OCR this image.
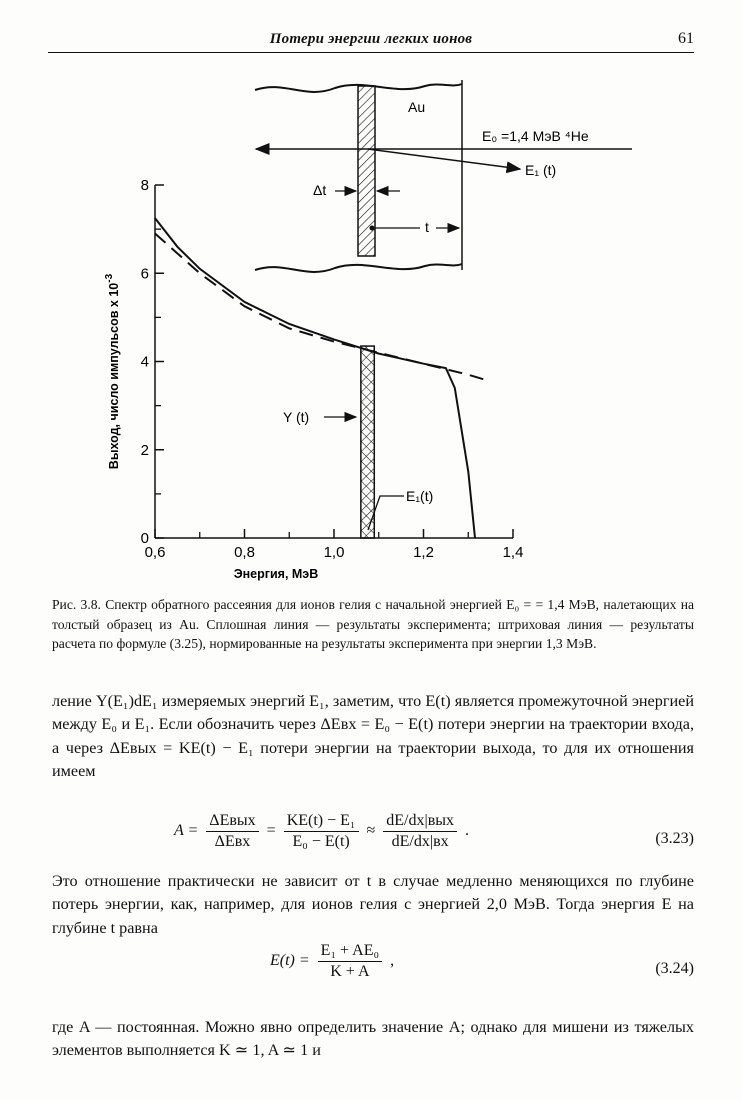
Потери энергии легких ионов	61
Au
E₀ =1,4 МэВ ⁴He
E₁ (t)
Δt
t
0,6	0,8	1,0	1,2	1,4
0
2
4
6
8
Выход, число импульсов x $10^{-3}$
Энергия, МэВ
Y (t)
E₁(t)
Рис. 3.8. Спектр обратного рассеяния для ионов гелия с начальной энергией E₀ = = 1,4 МэВ, налетающих на толстый образец из Au. Сплошная линия — результаты эксперимента; штриховая линия — результаты расчета по формуле (3.25), нормированные на результаты эксперимента при энергии 1,3 МэВ.
ление Y(E₁)dE₁ измеряемых энергий E₁, заметим, что E(t) является промежуточной энергией между E₀ и E₁. Если обозначить через ΔEвх = E₀ − E(t) потери энергии на траектории входа, а через ΔEвых = KE(t) − E₁ потери энергии на траектории выхода, то для их отношения имеем
$A = \frac{\text{ΔEвых}}{\text{ΔEвх}} = \frac{\text{KE(t) − E₁}}{\text{E₀ − E(t)}} \approx \frac{\text{dE/dx|вых}}{dE/dx|вх}$ .	(3.23)
Это отношение практически не зависит от t в случае медленно меняющихся по глубине потерь энергии, как, например, для ионов гелия с энергией 2,0 МэВ. Тогда энергия E на глубине t равна
$E(t) = \frac{\text{E₁ + AE₀}}{K + A}$ ,	(3.24)
где A — постоянная. Можно явно определить значение A; однако для мишени из тяжелых элементов выполняется K ≃ 1, A ≃ 1 и
